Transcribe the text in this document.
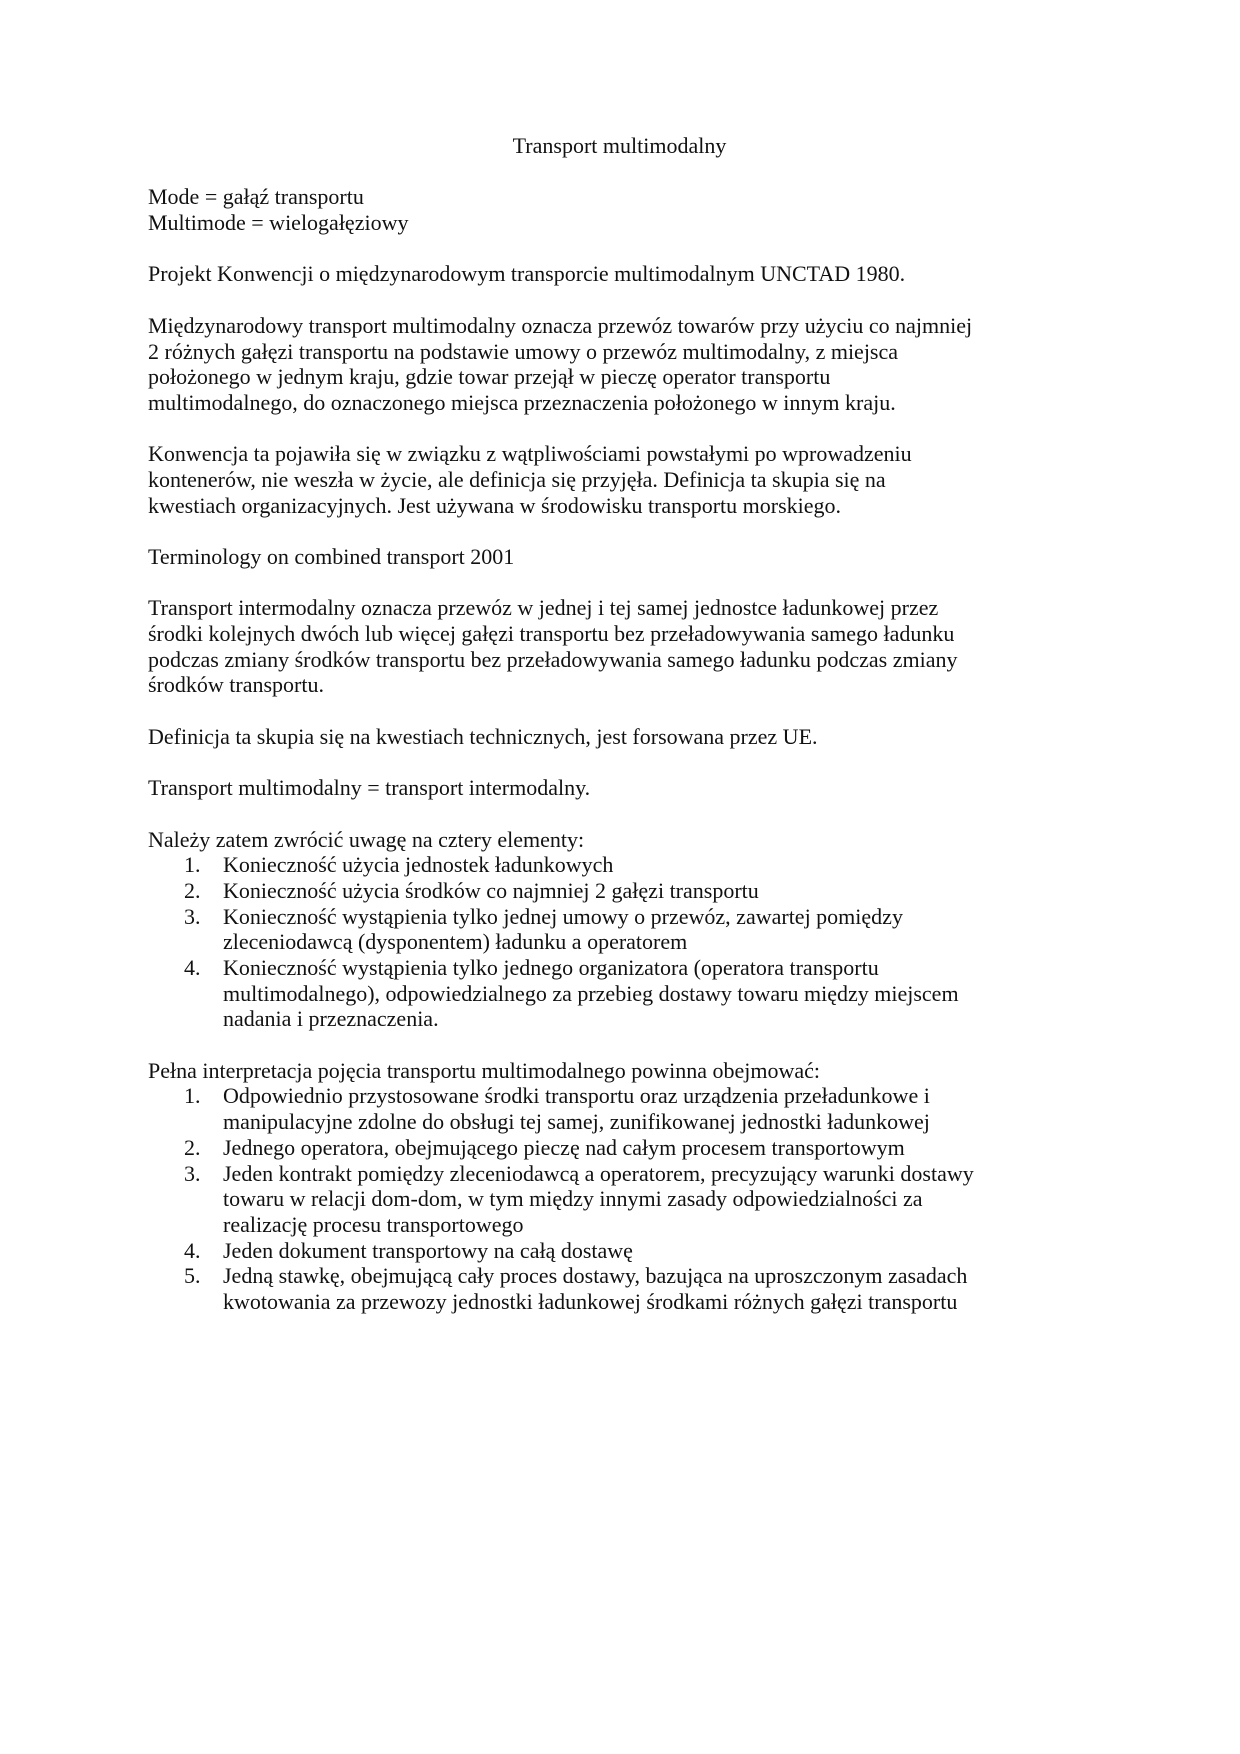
Transport multimodalny
Mode = gałąź transportu
Multimode = wielogałęziowy
Projekt Konwencji o międzynarodowym transporcie multimodalnym UNCTAD 1980.
Międzynarodowy transport multimodalny oznacza przewóz towarów przy użyciu co najmniej
2 różnych gałęzi transportu na podstawie umowy o przewóz multimodalny, z miejsca
położonego w jednym kraju, gdzie towar przejął w pieczę operator transportu
multimodalnego, do oznaczonego miejsca przeznaczenia położonego w innym kraju.
Konwencja ta pojawiła się w związku z wątpliwościami powstałymi po wprowadzeniu
kontenerów, nie weszła w życie, ale definicja się przyjęła. Definicja ta skupia się na
kwestiach organizacyjnych. Jest używana w środowisku transportu morskiego.
Terminology on combined transport 2001
Transport intermodalny oznacza przewóz w jednej i tej samej jednostce ładunkowej przez
środki kolejnych dwóch lub więcej gałęzi transportu bez przeładowywania samego ładunku
podczas zmiany środków transportu bez przeładowywania samego ładunku podczas zmiany
środków transportu.
Definicja ta skupia się na kwestiach technicznych, jest forsowana przez UE.
Transport multimodalny = transport intermodalny.
Należy zatem zwrócić uwagę na cztery elementy:
1. Konieczność użycia jednostek ładunkowych
2. Konieczność użycia środków co najmniej 2 gałęzi transportu
3. Konieczność wystąpienia tylko jednej umowy o przewóz, zawartej pomiędzy
zleceniodawcą (dysponentem) ładunku a operatorem
4. Konieczność wystąpienia tylko jednego organizatora (operatora transportu
multimodalnego), odpowiedzialnego za przebieg dostawy towaru między miejscem
nadania i przeznaczenia.
Pełna interpretacja pojęcia transportu multimodalnego powinna obejmować:
1. Odpowiednio przystosowane środki transportu oraz urządzenia przeładunkowe i
manipulacyjne zdolne do obsługi tej samej, zunifikowanej jednostki ładunkowej
2. Jednego operatora, obejmującego pieczę nad całym procesem transportowym
3. Jeden kontrakt pomiędzy zleceniodawcą a operatorem, precyzujący warunki dostawy
towaru w relacji dom-dom, w tym między innymi zasady odpowiedzialności za
realizację procesu transportowego
4. Jeden dokument transportowy na całą dostawę
5. Jedną stawkę, obejmującą cały proces dostawy, bazująca na uproszczonym zasadach
kwotowania za przewozy jednostki ładunkowej środkami różnych gałęzi transportu
